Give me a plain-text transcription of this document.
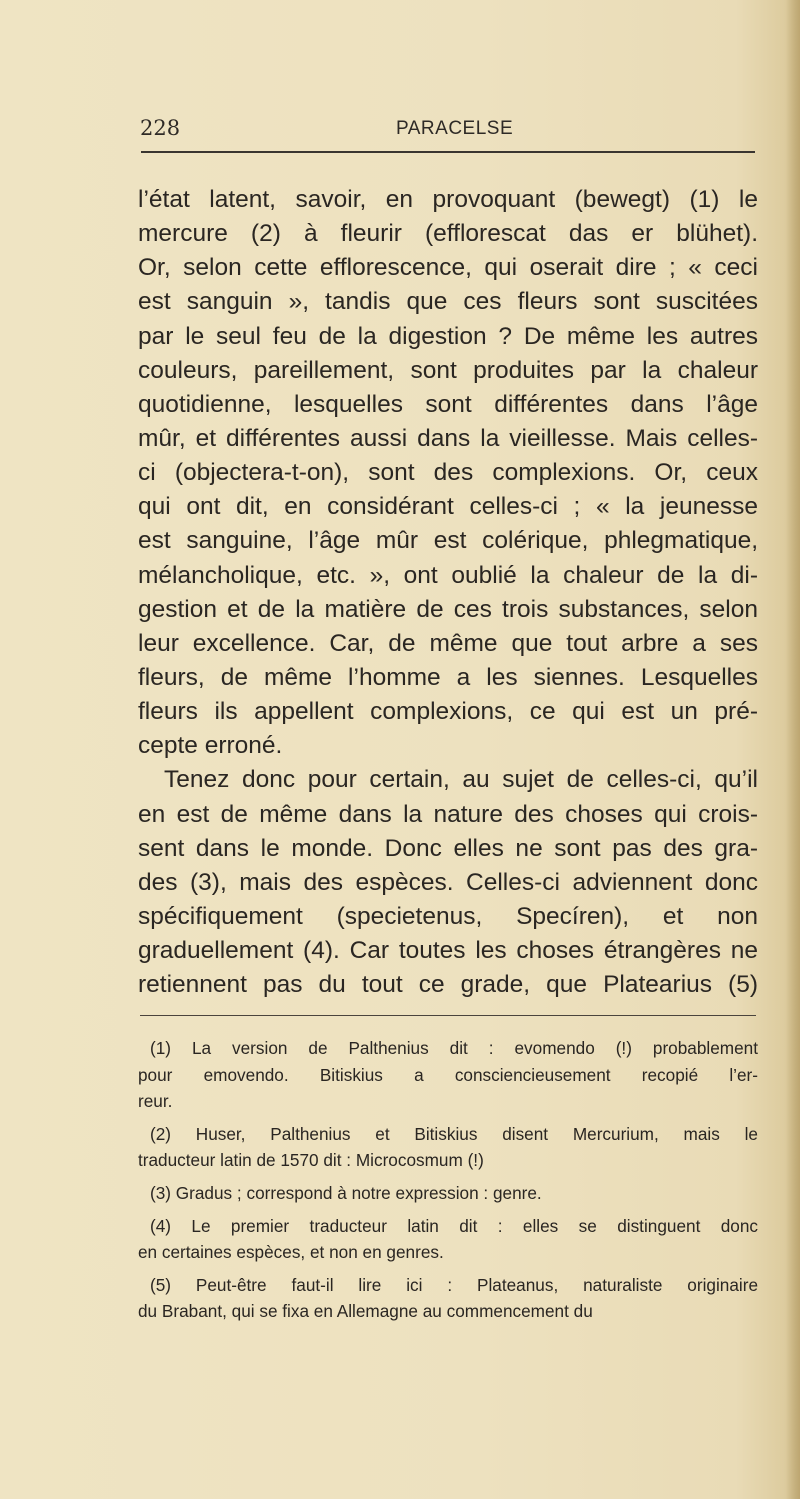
228	PARACELSE
l’état latent, savoir, en provoquant (bewegt) (1) le
mercure (2) à fleurir (efflorescat das er blühet).
Or, selon cette efflorescence, qui oserait dire ; « ceci
est sanguin », tandis que ces fleurs sont suscitées
par le seul feu de la digestion ? De même les autres
couleurs, pareillement, sont produites par la chaleur
quotidienne, lesquelles sont différentes dans l’âge
mûr, et différentes aussi dans la vieillesse. Mais celles-
ci (objectera-t-on), sont des complexions. Or, ceux
qui ont dit, en considérant celles-ci ; « la jeunesse
est sanguine, l’âge mûr est colérique, phlegmatique,
mélancholique, etc. », ont oublié la chaleur de la di-
gestion et de la matière de ces trois substances, selon
leur excellence. Car, de même que tout arbre a ses
fleurs, de même l’homme a les siennes. Lesquelles
fleurs ils appellent complexions, ce qui est un pré-
cepte erroné.
Tenez donc pour certain, au sujet de celles-ci, qu’il
en est de même dans la nature des choses qui crois-
sent dans le monde. Donc elles ne sont pas des gra-
des (3), mais des espèces. Celles-ci adviennent donc
spécifiquement (specietenus, Specíren), et non
graduellement (4). Car toutes les choses étrangères ne
retiennent pas du tout ce grade, que Platearius (5)
(1) La version de Palthenius dit : evomendo (!) probablement
pour emovendo. Bitiskius a consciencieusement recopié l’er-
reur.
(2) Huser, Palthenius et Bitiskius disent Mercurium, mais le
traducteur latin de 1570 dit : Microcosmum (!)
(3) Gradus ; correspond à notre expression : genre.
(4) Le premier traducteur latin dit : elles se distinguent donc
en certaines espèces, et non en genres.
(5) Peut-être faut-il lire ici : Plateanus, naturaliste originaire
du Brabant, qui se fixa en Allemagne au commencement du
